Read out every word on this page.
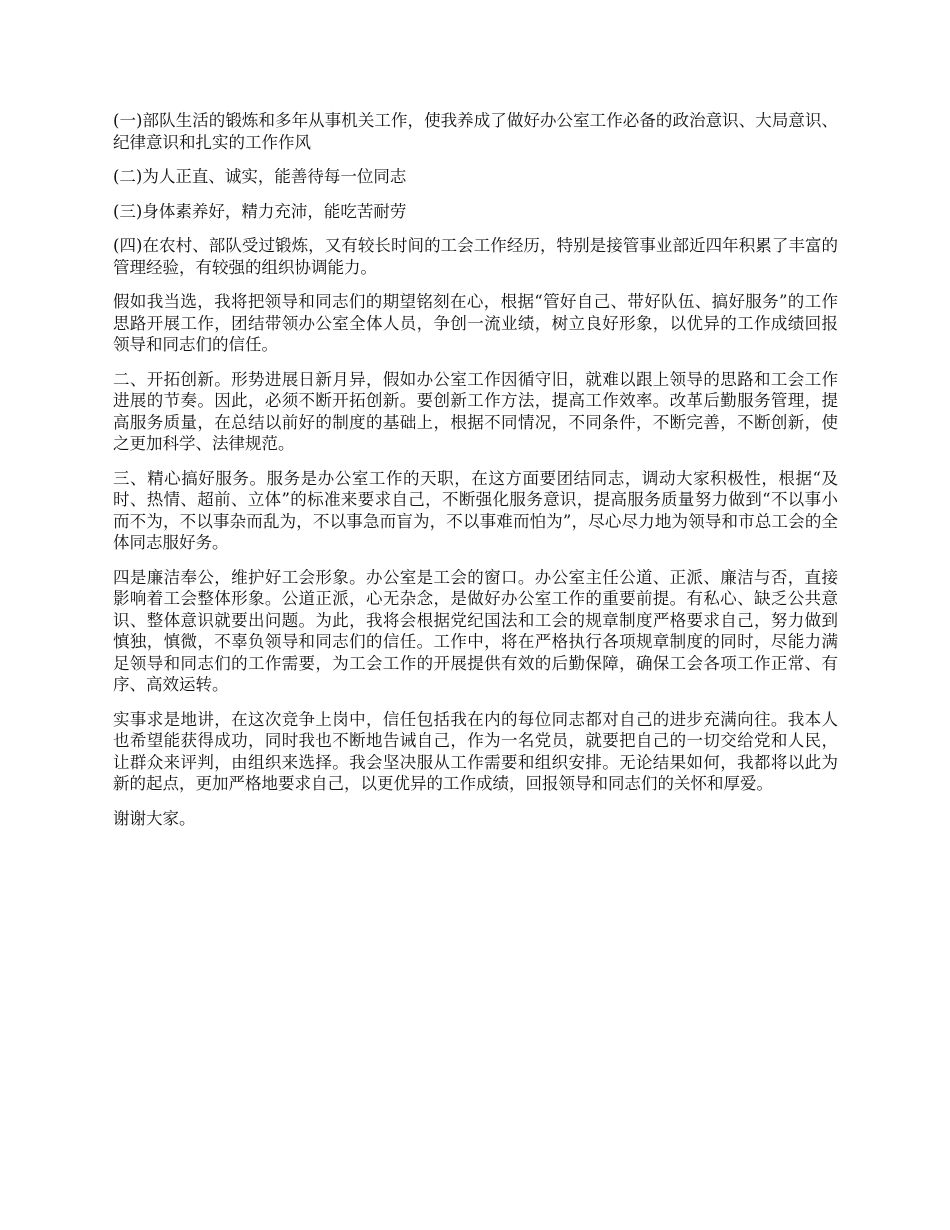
(一)部队生活的锻炼和多年从事机关工作，使我养成了做好办公室工作必备的政治意识、大局意识、纪律意识和扎实的工作作风

(二)为人正直、诚实，能善待每一位同志

(三)身体素养好，精力充沛，能吃苦耐劳

(四)在农村、部队受过锻炼，又有较长时间的工会工作经历，特别是接管事业部近四年积累了丰富的管理经验，有较强的组织协调能力。

假如我当选，我将把领导和同志们的期望铭刻在心，根据“管好自己、带好队伍、搞好服务”的工作思路开展工作，团结带领办公室全体人员，争创一流业绩，树立良好形象，以优异的工作成绩回报领导和同志们的信任。

二、开拓创新。形势进展日新月异，假如办公室工作因循守旧，就难以跟上领导的思路和工会工作进展的节奏。因此，必须不断开拓创新。要创新工作方法，提高工作效率。改革后勤服务管理，提高服务质量，在总结以前好的制度的基础上，根据不同情况，不同条件，不断完善，不断创新，使之更加科学、法律规范。

三、精心搞好服务。服务是办公室工作的天职，在这方面要团结同志，调动大家积极性，根据“及时、热情、超前、立体”的标准来要求自己，不断强化服务意识，提高服务质量努力做到“不以事小而不为，不以事杂而乱为，不以事急而盲为，不以事难而怕为”，尽心尽力地为领导和市总工会的全体同志服好务。

四是廉洁奉公，维护好工会形象。办公室是工会的窗口。办公室主任公道、正派、廉洁与否，直接影响着工会整体形象。公道正派，心无杂念，是做好办公室工作的重要前提。有私心、缺乏公共意识、整体意识就要出问题。为此，我将会根据党纪国法和工会的规章制度严格要求自己，努力做到慎独，慎微，不辜负领导和同志们的信任。工作中，将在严格执行各项规章制度的同时，尽能力满足领导和同志们的工作需要，为工会工作的开展提供有效的后勤保障，确保工会各项工作正常、有序、高效运转。

实事求是地讲，在这次竞争上岗中，信任包括我在内的每位同志都对自己的进步充满向往。我本人也希望能获得成功，同时我也不断地告诫自己，作为一名党员，就要把自己的一切交给党和人民，让群众来评判，由组织来选择。我会坚决服从工作需要和组织安排。无论结果如何，我都将以此为新的起点，更加严格地要求自己，以更优异的工作成绩，回报领导和同志们的关怀和厚爱。

谢谢大家。
